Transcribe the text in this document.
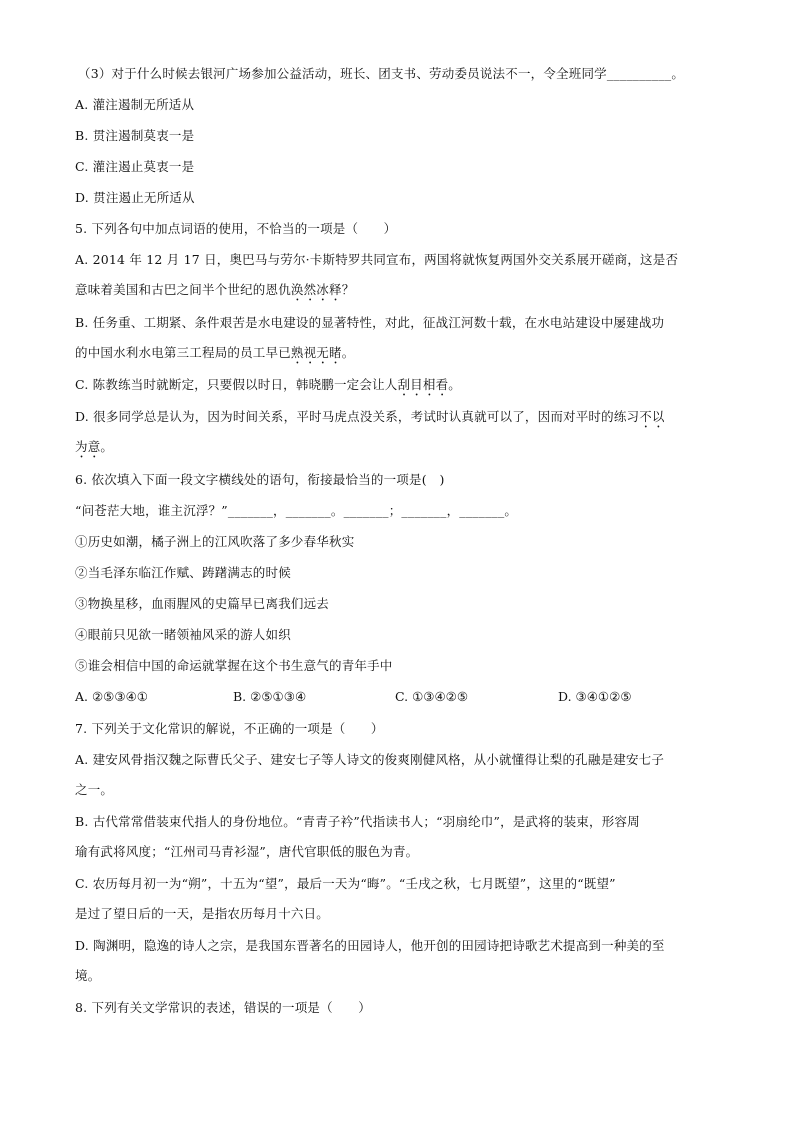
（3）对于什么时候去银河广场参加公益活动，班长、团支书、劳动委员说法不一，令全班同学__________。

A. 灌注遏制无所适从

B. 贯注遏制莫衷一是

C. 灌注遏止莫衷一是

D. 贯注遏止无所适从

5. 下列各句中加点词语的使用，不恰当的一项是（　　）

A. 2014 年 12 月 17 日，奥巴马与劳尔·卡斯特罗共同宣布，两国将就恢复两国外交关系展开磋商，这是否

意味着美国和古巴之间半个世纪的恩仇涣然冰释？

B. 任务重、工期紧、条件艰苦是水电建设的显著特性，对此，征战江河数十载，在水电站建设中屡建战功

的中国水利水电第三工程局的员工早已熟视无睹。

C. 陈教练当时就断定，只要假以时日，韩晓鹏一定会让人刮目相看。

D. 很多同学总是认为，因为时间关系，平时马虎点没关系，考试时认真就可以了，因而对平时的练习不以

为意。

6. 依次填入下面一段文字横线处的语句，衔接最恰当的一项是(　)

“问苍茫大地，谁主沉浮？”_______，_______。_______；_______，_______。

①历史如潮，橘子洲上的江风吹落了多少春华秋实

②当毛泽东临江作赋、踌躇满志的时候

③物换星移，血雨腥风的史篇早已离我们远去

④眼前只见欲一睹领袖风采的游人如织

⑤谁会相信中国的命运就掌握在这个书生意气的青年手中

A. ②⑤③④①	B. ②⑤①③④	C. ①③④②⑤	D. ③④①②⑤

7. 下列关于文化常识的解说，不正确的一项是（　　）

A. 建安风骨指汉魏之际曹氏父子、建安七子等人诗文的俊爽刚健风格，从小就懂得让梨的孔融是建安七子

之一。

B. 古代常常借装束代指人的身份地位。“青青子衿”代指读书人；“羽扇纶巾”，是武将的装束，形容周

瑜有武将风度；“江州司马青衫湿”，唐代官职低的服色为青。

C. 农历每月初一为“朔”，十五为“望”，最后一天为“晦”。“壬戌之秋，七月既望”，这里的“既望”

是过了望日后的一天，是指农历每月十六日。

D. 陶渊明，隐逸的诗人之宗，是我国东晋著名的田园诗人，他开创的田园诗把诗歌艺术提高到一种美的至

境。

8. 下列有关文学常识的表述，错误的一项是（　　）
